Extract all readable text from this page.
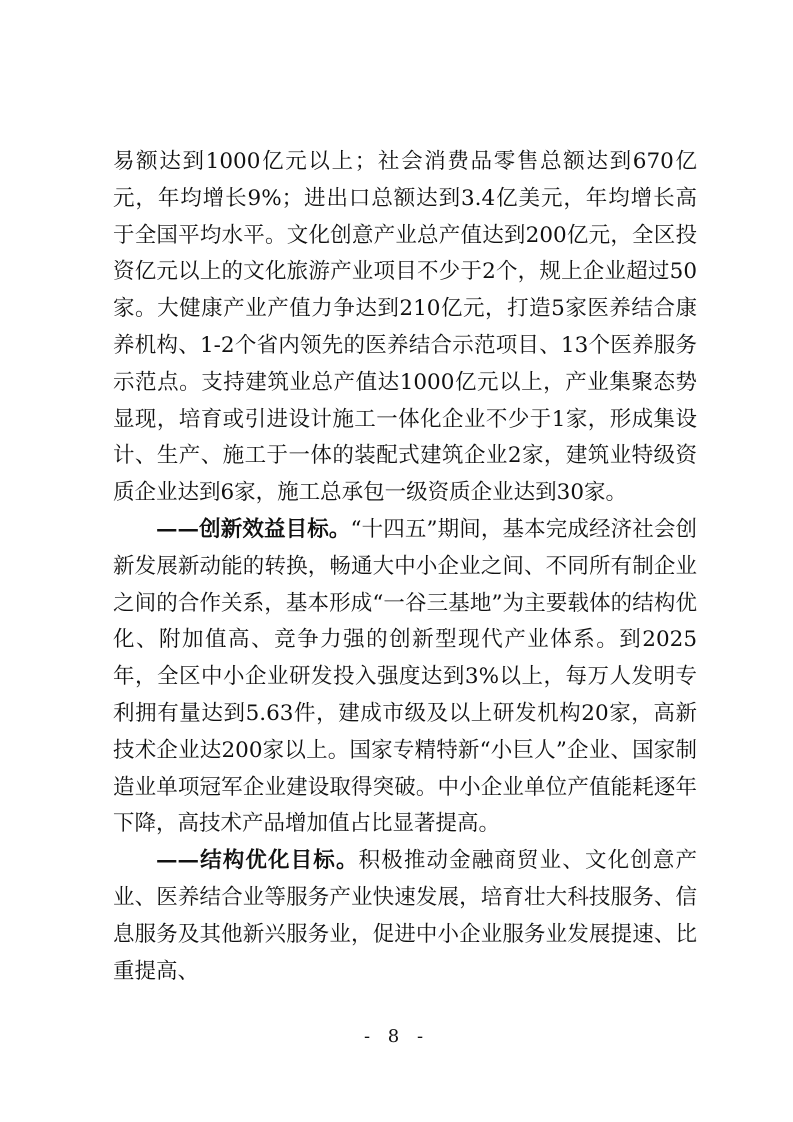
易额达到1000亿元以上；社会消费品零售总额达到670亿元，年均增长9%；进出口总额达到3.4亿美元，年均增长高于全国平均水平。文化创意产业总产值达到200亿元，全区投资亿元以上的文化旅游产业项目不少于2个，规上企业超过50家。大健康产业产值力争达到210亿元，打造5家医养结合康养机构、1-2个省内领先的医养结合示范项目、13个医养服务示范点。支持建筑业总产值达1000亿元以上，产业集聚态势显现，培育或引进设计施工一体化企业不少于1家，形成集设计、生产、施工于一体的装配式建筑企业2家，建筑业特级资质企业达到6家，施工总承包一级资质企业达到30家。

——创新效益目标。“十四五”期间，基本完成经济社会创新发展新动能的转换，畅通大中小企业之间、不同所有制企业之间的合作关系，基本形成“一谷三基地”为主要载体的结构优化、附加值高、竞争力强的创新型现代产业体系。到2025年，全区中小企业研发投入强度达到3%以上，每万人发明专利拥有量达到5.63件，建成市级及以上研发机构20家，高新技术企业达200家以上。国家专精特新“小巨人”企业、国家制造业单项冠军企业建设取得突破。中小企业单位产值能耗逐年下降，高技术产品增加值占比显著提高。

——结构优化目标。积极推动金融商贸业、文化创意产业、医养结合业等服务产业快速发展，培育壮大科技服务、信息服务及其他新兴服务业，促进中小企业服务业发展提速、比重提高、

- 8 -
